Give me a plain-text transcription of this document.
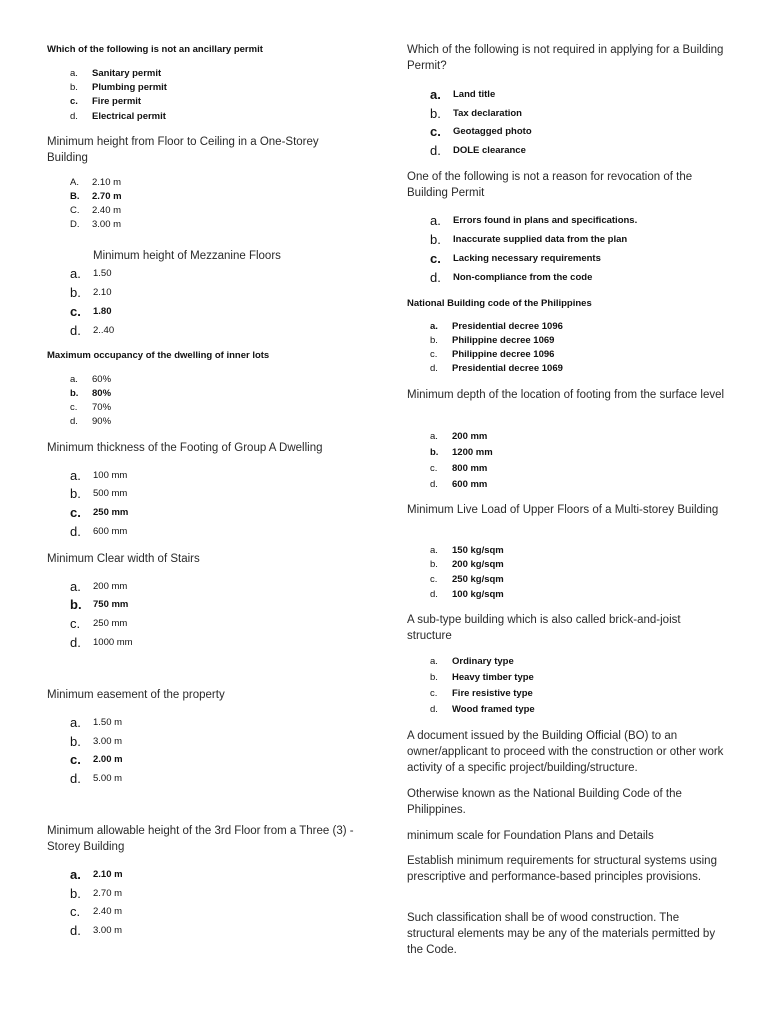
Which of the following is not an ancillary permit

a. Sanitary permit
b. Plumbing permit
c. Fire permit
d. Electrical permit

Minimum height from Floor to Ceiling in a One-Storey Building

A. 2.10 m
B. 2.70 m
C. 2.40 m
D. 3.00 m

Minimum height of Mezzanine Floors

a. 1.50
b. 2.10
c. 1.80
d. 2..40

Maximum occupancy of the dwelling of inner lots

a. 60%
b. 80%
c. 70%
d. 90%

Minimum thickness of the Footing of Group A Dwelling

a. 100 mm
b. 500 mm
c. 250 mm
d. 600 mm

Minimum Clear width of Stairs

a. 200 mm
b. 750 mm
c. 250 mm
d. 1000 mm

Minimum easement of the property

a. 1.50 m
b. 3.00 m
c. 2.00 m
d. 5.00 m

Minimum allowable height of the 3rd Floor from a Three (3) - Storey Building

a. 2.10 m
b. 2.70 m
c. 2.40 m
d. 3.00 m

Which of the following is not required in applying for a Building Permit?

a. Land title
b. Tax declaration
c. Geotagged photo
d. DOLE clearance

One of the following is not a reason for revocation of the Building Permit

a. Errors found in plans and specifications.
b. Inaccurate supplied data from the plan
c. Lacking necessary requirements
d. Non-compliance from the code

National Building code of the Philippines

a. Presidential decree 1096
b. Philippine decree 1069
c. Philippine decree 1096
d. Presidential decree 1069

Minimum depth of the location of footing from the surface level

a. 200 mm
b. 1200 mm
c. 800 mm
d. 600 mm

Minimum Live Load of Upper Floors of a Multi-storey Building

a. 150 kg/sqm
b. 200 kg/sqm
c. 250 kg/sqm
d. 100 kg/sqm

A sub-type building which is also called brick-and-joist structure

a. Ordinary type
b. Heavy timber type
c. Fire resistive type
d. Wood framed type

A document issued by the Building Official (BO) to an owner/applicant to proceed with the construction or other work activity of a specific project/building/structure.

Otherwise known as the National Building Code of the Philippines.

minimum scale for Foundation Plans and Details

Establish minimum requirements for structural systems using prescriptive and performance-based principles provisions.

Such classification shall be of wood construction. The structural elements may be any of the materials permitted by the Code.
